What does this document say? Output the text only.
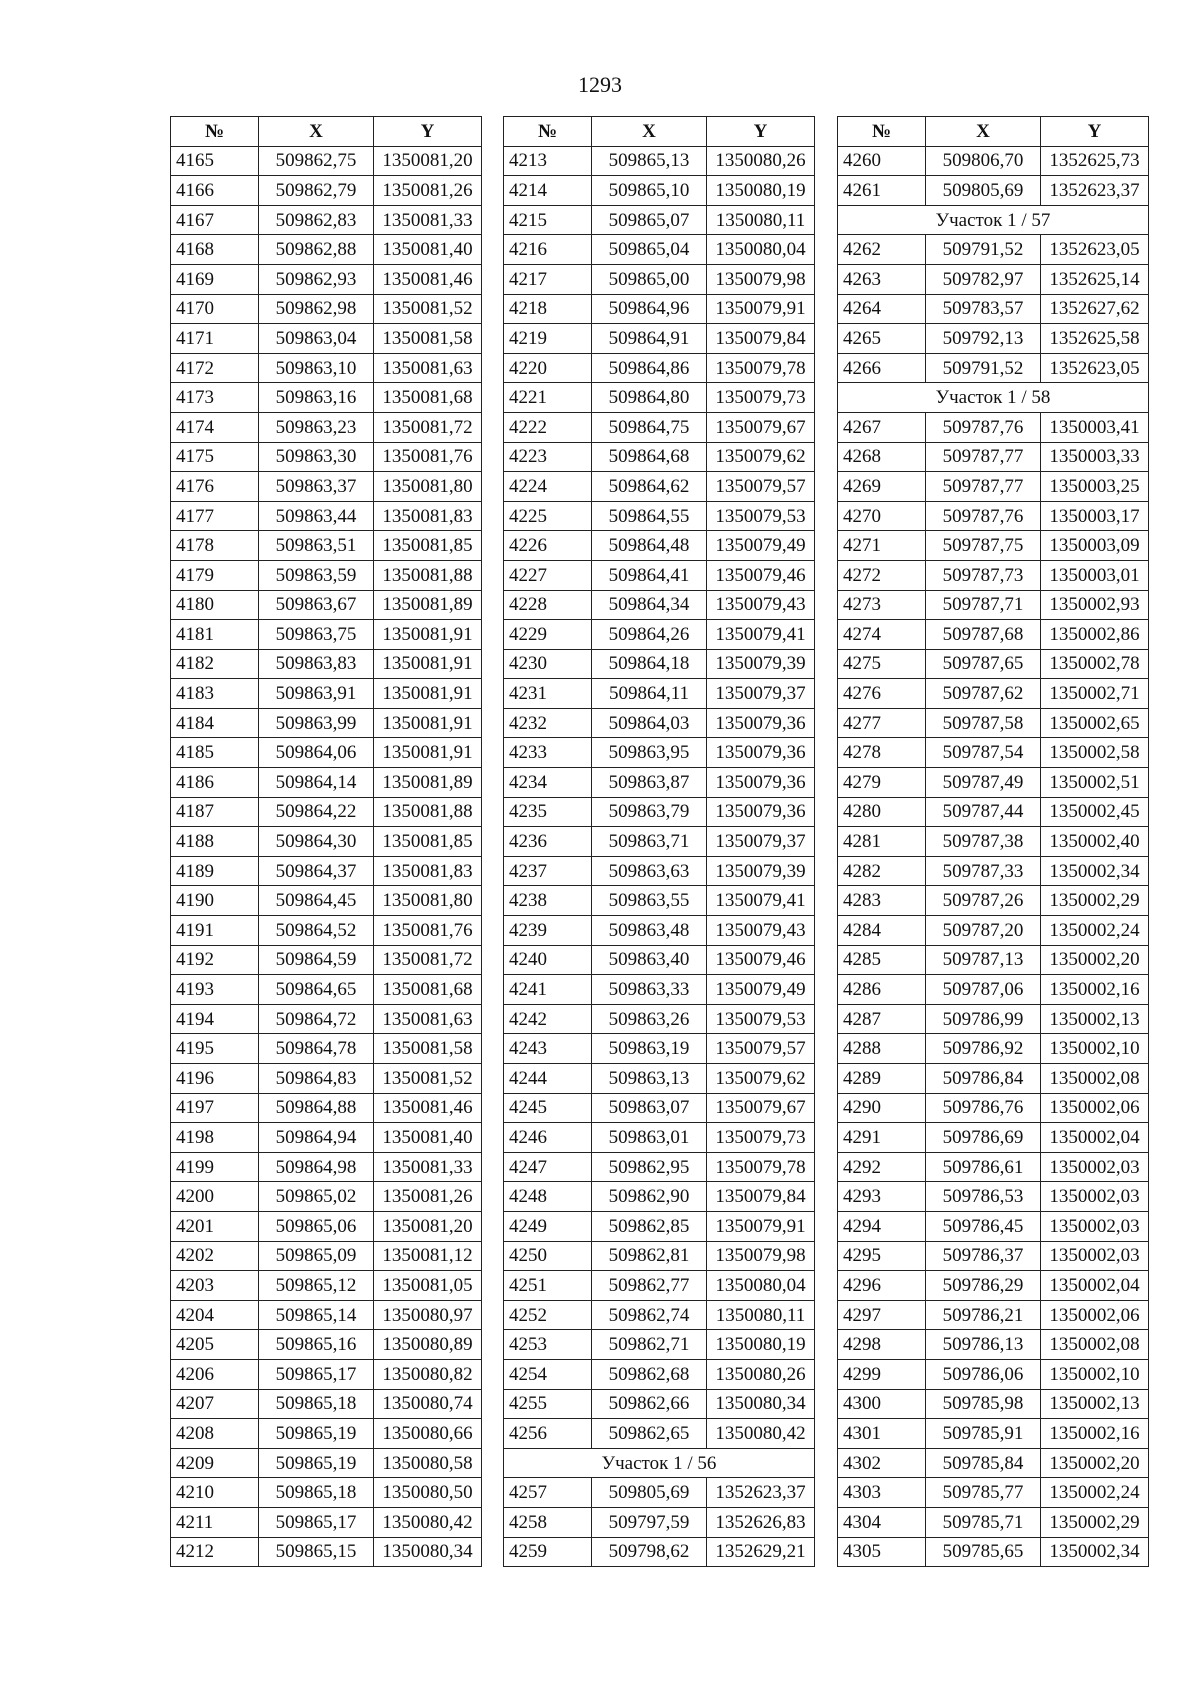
1293
№	X	Y
4165	509862,75	1350081,20
4166	509862,79	1350081,26
4167	509862,83	1350081,33
4168	509862,88	1350081,40
4169	509862,93	1350081,46
4170	509862,98	1350081,52
4171	509863,04	1350081,58
4172	509863,10	1350081,63
4173	509863,16	1350081,68
4174	509863,23	1350081,72
4175	509863,30	1350081,76
4176	509863,37	1350081,80
4177	509863,44	1350081,83
4178	509863,51	1350081,85
4179	509863,59	1350081,88
4180	509863,67	1350081,89
4181	509863,75	1350081,91
4182	509863,83	1350081,91
4183	509863,91	1350081,91
4184	509863,99	1350081,91
4185	509864,06	1350081,91
4186	509864,14	1350081,89
4187	509864,22	1350081,88
4188	509864,30	1350081,85
4189	509864,37	1350081,83
4190	509864,45	1350081,80
4191	509864,52	1350081,76
4192	509864,59	1350081,72
4193	509864,65	1350081,68
4194	509864,72	1350081,63
4195	509864,78	1350081,58
4196	509864,83	1350081,52
4197	509864,88	1350081,46
4198	509864,94	1350081,40
4199	509864,98	1350081,33
4200	509865,02	1350081,26
4201	509865,06	1350081,20
4202	509865,09	1350081,12
4203	509865,12	1350081,05
4204	509865,14	1350080,97
4205	509865,16	1350080,89
4206	509865,17	1350080,82
4207	509865,18	1350080,74
4208	509865,19	1350080,66
4209	509865,19	1350080,58
4210	509865,18	1350080,50
4211	509865,17	1350080,42
4212	509865,15	1350080,34
№	X	Y
4213	509865,13	1350080,26
4214	509865,10	1350080,19
4215	509865,07	1350080,11
4216	509865,04	1350080,04
4217	509865,00	1350079,98
4218	509864,96	1350079,91
4219	509864,91	1350079,84
4220	509864,86	1350079,78
4221	509864,80	1350079,73
4222	509864,75	1350079,67
4223	509864,68	1350079,62
4224	509864,62	1350079,57
4225	509864,55	1350079,53
4226	509864,48	1350079,49
4227	509864,41	1350079,46
4228	509864,34	1350079,43
4229	509864,26	1350079,41
4230	509864,18	1350079,39
4231	509864,11	1350079,37
4232	509864,03	1350079,36
4233	509863,95	1350079,36
4234	509863,87	1350079,36
4235	509863,79	1350079,36
4236	509863,71	1350079,37
4237	509863,63	1350079,39
4238	509863,55	1350079,41
4239	509863,48	1350079,43
4240	509863,40	1350079,46
4241	509863,33	1350079,49
4242	509863,26	1350079,53
4243	509863,19	1350079,57
4244	509863,13	1350079,62
4245	509863,07	1350079,67
4246	509863,01	1350079,73
4247	509862,95	1350079,78
4248	509862,90	1350079,84
4249	509862,85	1350079,91
4250	509862,81	1350079,98
4251	509862,77	1350080,04
4252	509862,74	1350080,11
4253	509862,71	1350080,19
4254	509862,68	1350080,26
4255	509862,66	1350080,34
4256	509862,65	1350080,42
Участок 1 / 56		
4257	509805,69	1352623,37
4258	509797,59	1352626,83
4259	509798,62	1352629,21
№	X	Y
4260	509806,70	1352625,73
4261	509805,69	1352623,37
Участок 1 / 57		
4262	509791,52	1352623,05
4263	509782,97	1352625,14
4264	509783,57	1352627,62
4265	509792,13	1352625,58
4266	509791,52	1352623,05
Участок 1 / 58		
4267	509787,76	1350003,41
4268	509787,77	1350003,33
4269	509787,77	1350003,25
4270	509787,76	1350003,17
4271	509787,75	1350003,09
4272	509787,73	1350003,01
4273	509787,71	1350002,93
4274	509787,68	1350002,86
4275	509787,65	1350002,78
4276	509787,62	1350002,71
4277	509787,58	1350002,65
4278	509787,54	1350002,58
4279	509787,49	1350002,51
4280	509787,44	1350002,45
4281	509787,38	1350002,40
4282	509787,33	1350002,34
4283	509787,26	1350002,29
4284	509787,20	1350002,24
4285	509787,13	1350002,20
4286	509787,06	1350002,16
4287	509786,99	1350002,13
4288	509786,92	1350002,10
4289	509786,84	1350002,08
4290	509786,76	1350002,06
4291	509786,69	1350002,04
4292	509786,61	1350002,03
4293	509786,53	1350002,03
4294	509786,45	1350002,03
4295	509786,37	1350002,03
4296	509786,29	1350002,04
4297	509786,21	1350002,06
4298	509786,13	1350002,08
4299	509786,06	1350002,10
4300	509785,98	1350002,13
4301	509785,91	1350002,16
4302	509785,84	1350002,20
4303	509785,77	1350002,24
4304	509785,71	1350002,29
4305	509785,65	1350002,34
